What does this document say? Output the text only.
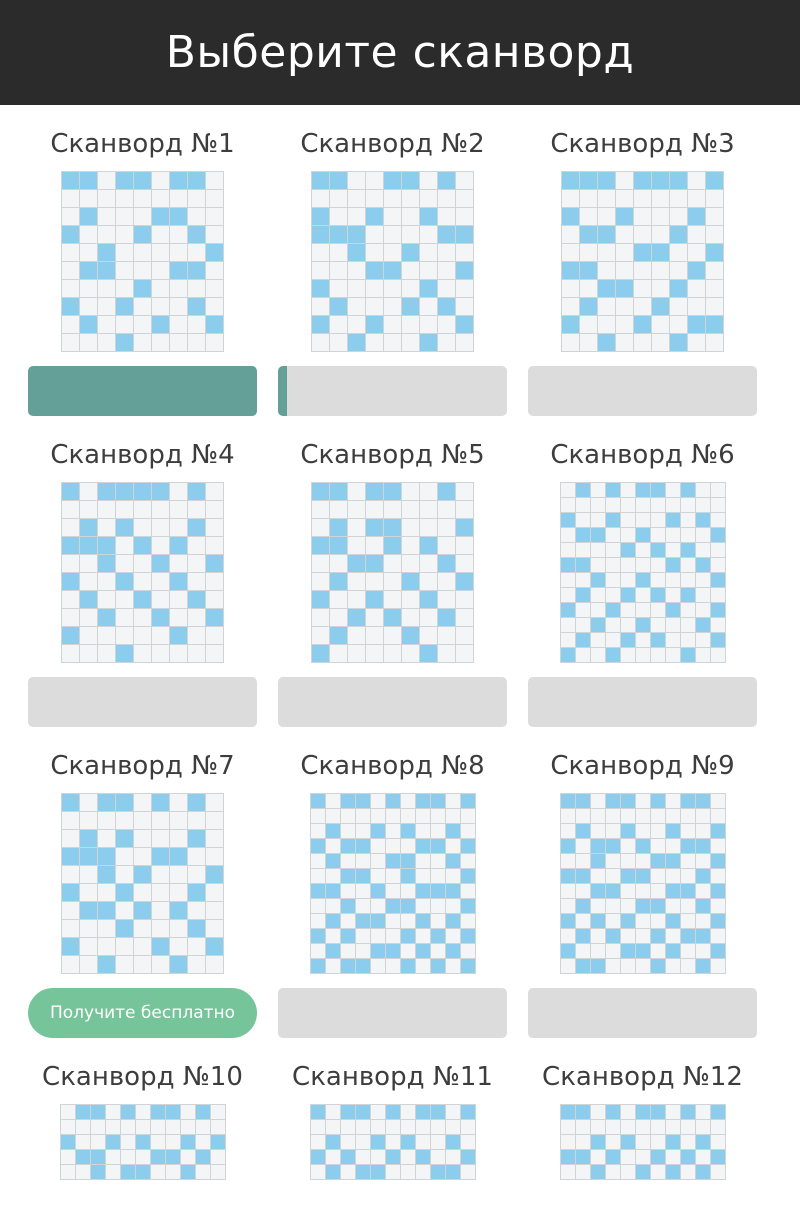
Выберите сканворд
Сканворд №1	Сканворд №2	Сканворд №3
Сканворд №4	Сканворд №5	Сканворд №6
Сканворд №7
Получите бесплатно
Сканворд №8	Сканворд №9
Сканворд №10 Сканворд №11 Сканворд №12
